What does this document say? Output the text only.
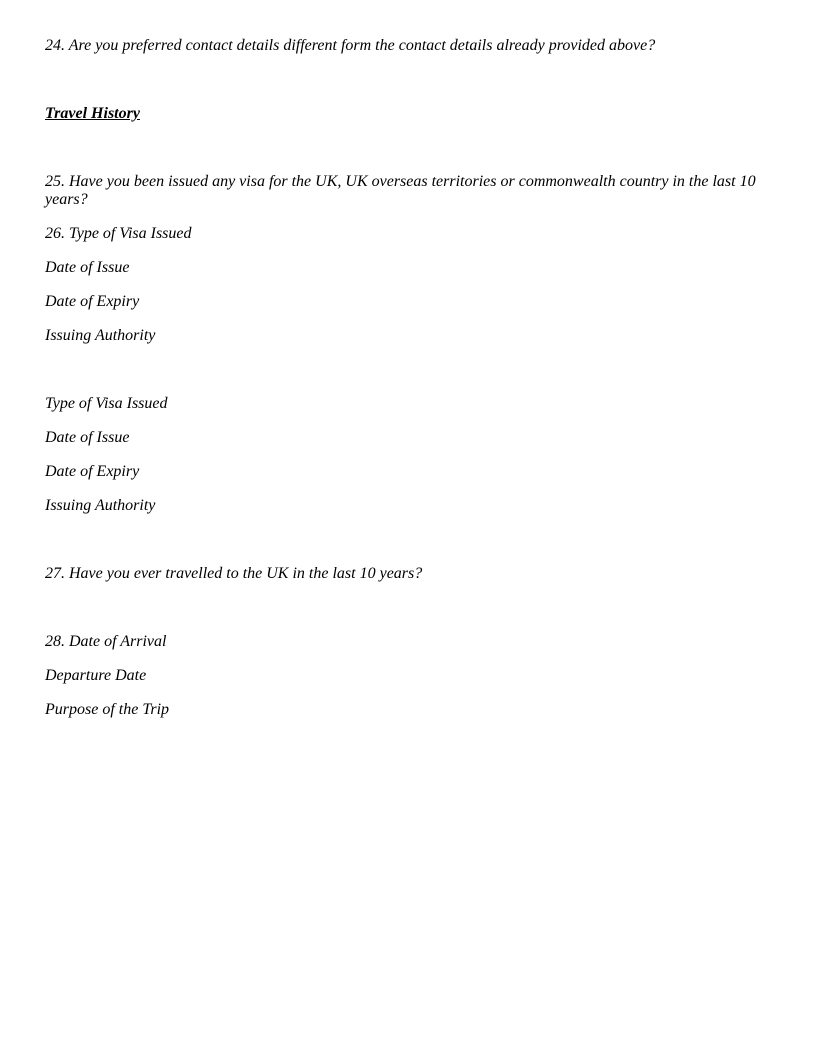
24. Are you preferred contact details different form the contact details already provided above?

Travel History

25. Have you been issued any visa for the UK, UK overseas territories or commonwealth country in the last 10 years?

26. Type of Visa Issued

Date of Issue

Date of Expiry

Issuing Authority

Type of Visa Issued

Date of Issue

Date of Expiry

Issuing Authority

27. Have you ever travelled to the UK in the last 10 years?

28. Date of Arrival

Departure Date

Purpose of the Trip
